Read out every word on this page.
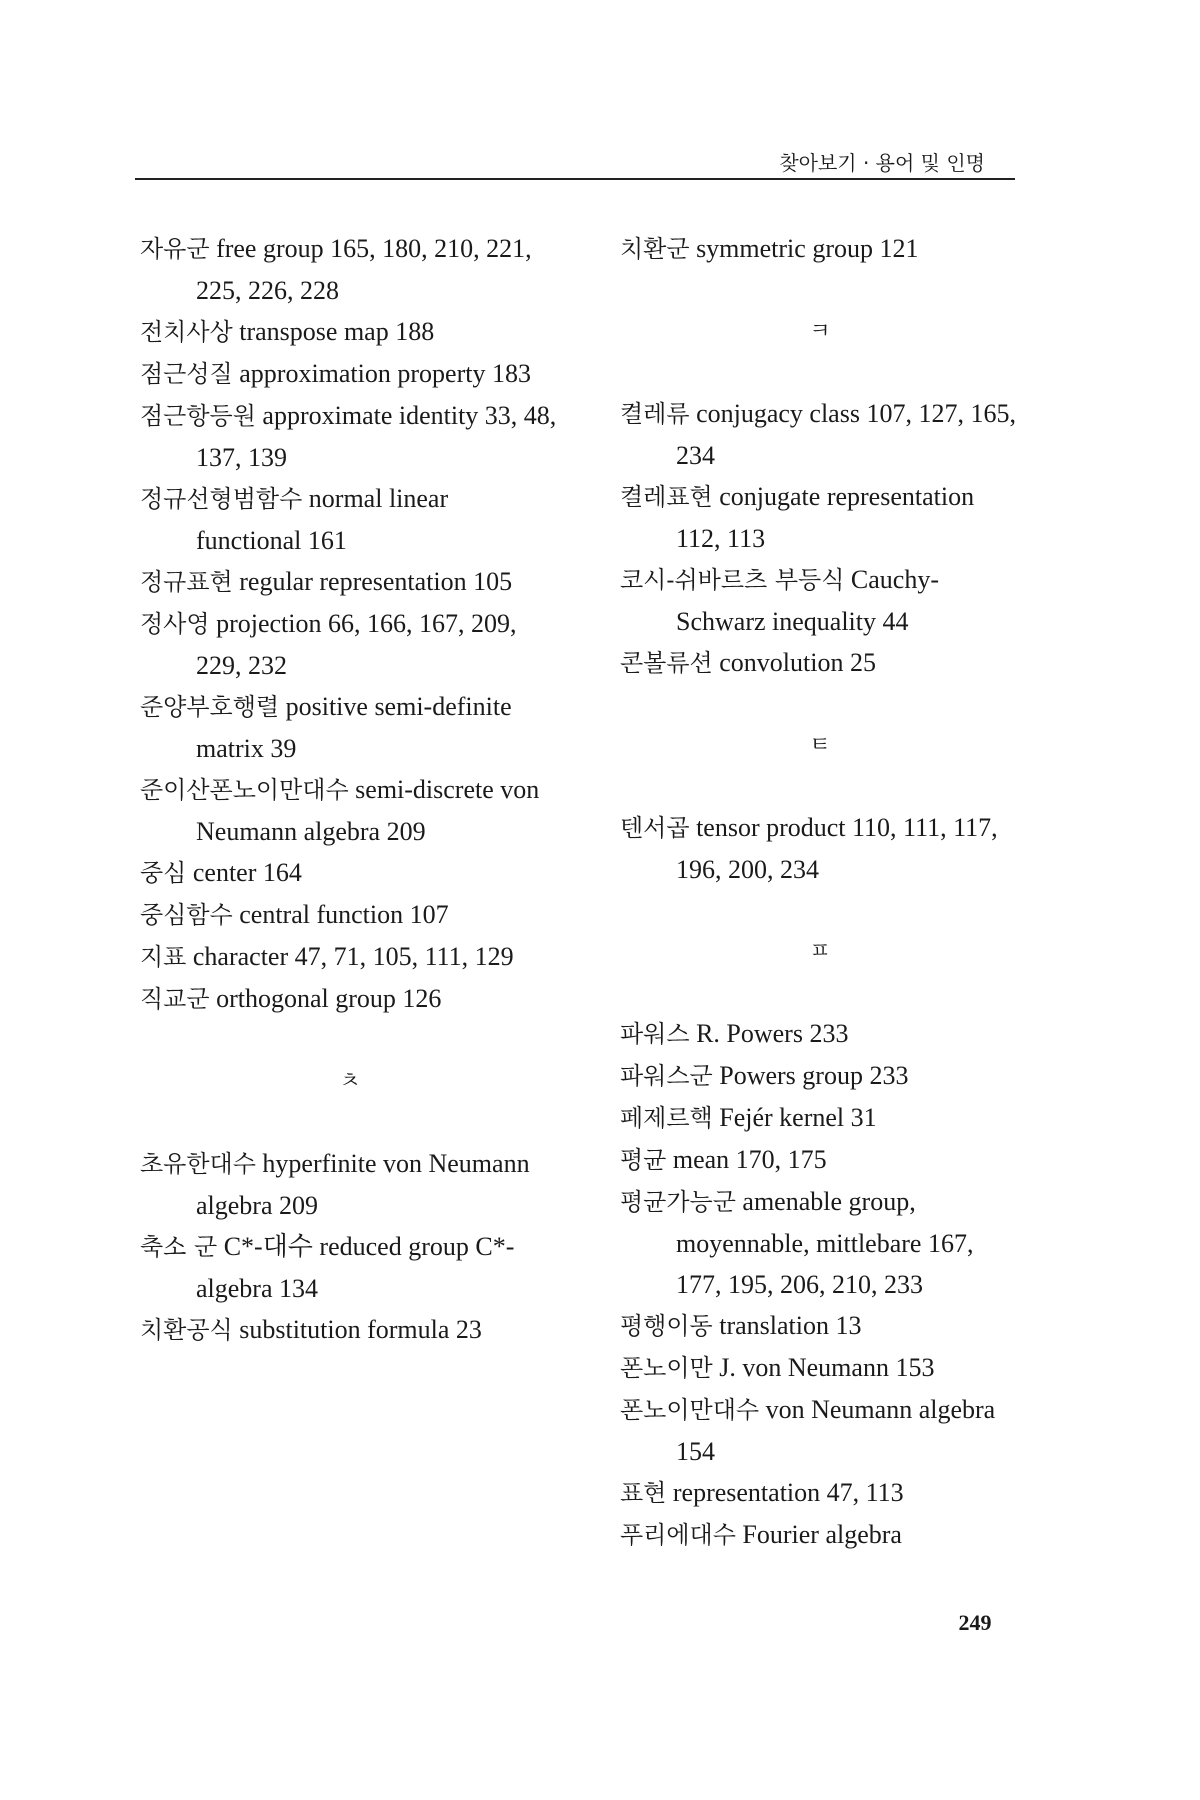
찾아보기 · 용어 및 인명
자유군 free group 165, 180, 210, 221, 225, 226, 228
전치사상 transpose map 188
점근성질 approximation property 183
점근항등원 approximate identity 33, 48, 137, 139
정규선형범함수 normal linear functional 161
정규표현 regular representation 105
정사영 projection 66, 166, 167, 209, 229, 232
준양부호행렬 positive semi-definite matrix 39
준이산폰노이만대수 semi-discrete von Neumann algebra 209
중심 center 164
중심함수 central function 107
지표 character 47, 71, 105, 111, 129
직교군 orthogonal group 126
ㅊ
초유한대수 hyperfinite von Neumann algebra 209
축소 군 C*-대수 reduced group C*-algebra 134
치환공식 substitution formula 23
치환군 symmetric group 121
ㅋ
켤레류 conjugacy class 107, 127, 165, 234
켤레표현 conjugate representation 112, 113
코시-쉬바르츠 부등식 Cauchy-Schwarz inequality 44
콘볼류션 convolution 25
ㅌ
텐서곱 tensor product 110, 111, 117, 196, 200, 234
ㅍ
파워스 R. Powers 233
파워스군 Powers group 233
페제르핵 Fejér kernel 31
평균 mean 170, 175
평균가능군 amenable group, moyennable, mittlebare 167, 177, 195, 206, 210, 233
평행이동 translation 13
폰노이만 J. von Neumann 153
폰노이만대수 von Neumann algebra 154
표현 representation 47, 113
푸리에대수 Fourier algebra
249
